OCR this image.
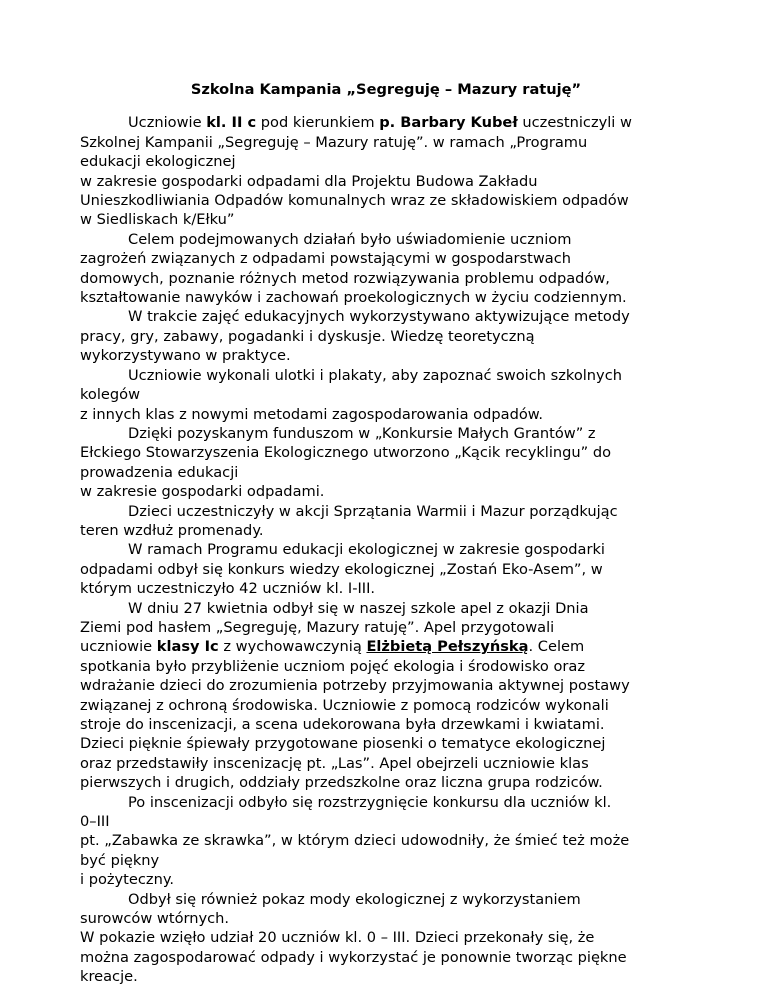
Szkolna Kampania „Segreguję – Mazury ratuję”
Uczniowie kl. II c pod kierunkiem p. Barbary Kubeł uczestniczyli w
Szkolnej Kampanii „Segreguję – Mazury ratuję”. w ramach „Programu
edukacji ekologicznej
w zakresie gospodarki odpadami dla Projektu Budowa Zakładu
Unieszkodliwiania Odpadów komunalnych wraz ze składowiskiem odpadów
w Siedliskach k/Ełku”
Celem podejmowanych działań było uświadomienie uczniom
zagrożeń związanych z odpadami powstającymi w gospodarstwach
domowych, poznanie różnych metod rozwiązywania problemu odpadów,
kształtowanie nawyków i zachowań proekologicznych w życiu codziennym.
W trakcie zajęć edukacyjnych wykorzystywano aktywizujące metody
pracy, gry, zabawy, pogadanki i dyskusje. Wiedzę teoretyczną
wykorzystywano w praktyce.
Uczniowie wykonali ulotki i plakaty, aby zapoznać swoich szkolnych
kolegów
z innych klas z nowymi metodami zagospodarowania odpadów.
Dzięki pozyskanym funduszom w „Konkursie Małych Grantów” z
Ełckiego Stowarzyszenia Ekologicznego utworzono „Kącik recyklingu” do
prowadzenia edukacji
w zakresie gospodarki odpadami.
Dzieci uczestniczyły w akcji Sprzątania Warmii i Mazur porządkując
teren wzdłuż promenady.
W ramach Programu edukacji ekologicznej w zakresie gospodarki
odpadami odbył się konkurs wiedzy ekologicznej „Zostań Eko-Asem”, w
którym uczestniczyło 42 uczniów kl. I-III.
W dniu 27 kwietnia odbył się w naszej szkole apel z okazji Dnia
Ziemi pod hasłem „Segreguję, Mazury ratuję”. Apel przygotowali
uczniowie klasy Ic z wychowawczynią Elżbietą Pełszyńską. Celem
spotkania było przybliżenie uczniom pojęć ekologia i środowisko oraz
wdrażanie dzieci do zrozumienia potrzeby przyjmowania aktywnej postawy
związanej z ochroną środowiska. Uczniowie z pomocą rodziców wykonali
stroje do inscenizacji, a scena udekorowana była drzewkami i kwiatami.
Dzieci pięknie śpiewały przygotowane piosenki o tematyce ekologicznej
oraz przedstawiły inscenizację pt. „Las”. Apel obejrzeli uczniowie klas
pierwszych i drugich, oddziały przedszkolne oraz liczna grupa rodziców.
Po inscenizacji odbyło się rozstrzygnięcie konkursu dla uczniów kl.
0–III
pt. „Zabawka ze skrawka”, w którym dzieci udowodniły, że śmieć też może
być piękny
i pożyteczny.
Odbył się również pokaz mody ekologicznej z wykorzystaniem
surowców wtórnych.
W pokazie wzięło udział 20 uczniów kl. 0 – III. Dzieci przekonały się, że
można zagospodarować odpady i wykorzystać je ponownie tworząc piękne
kreacje.
